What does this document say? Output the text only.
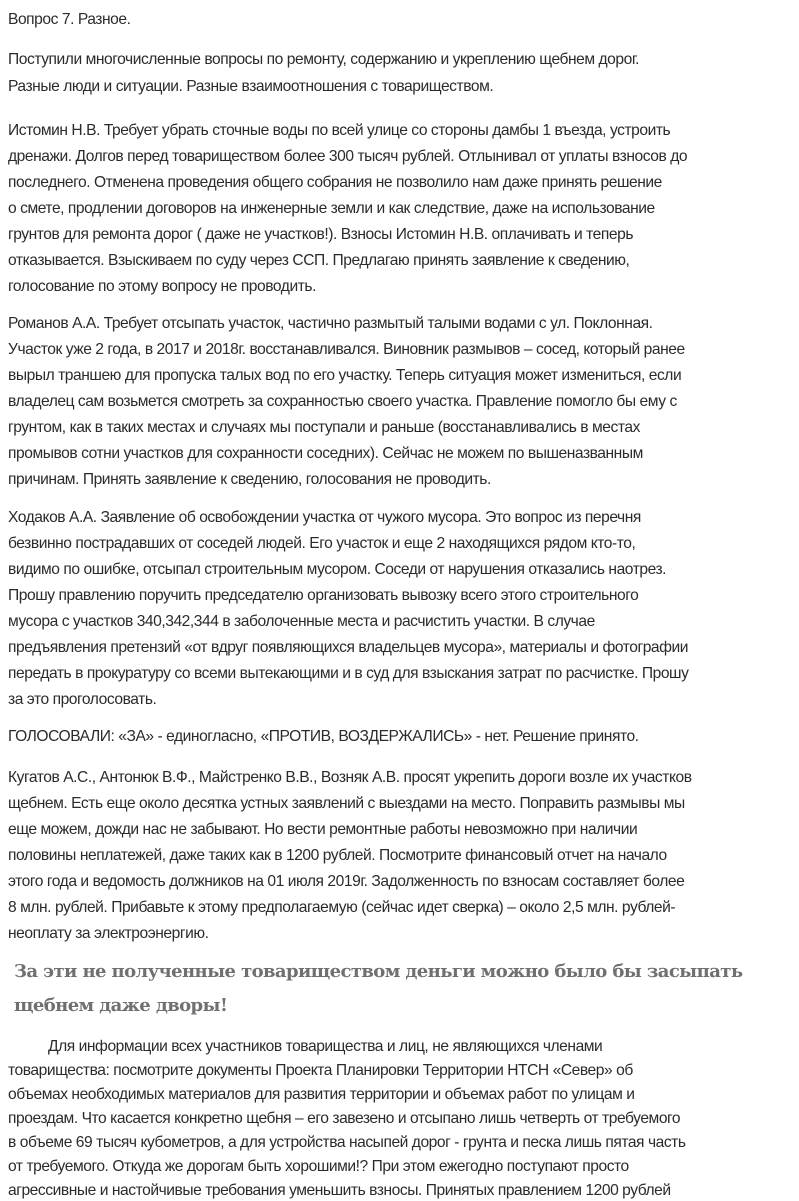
Вопрос 7. Разное.
Поступили многочисленные вопросы по ремонту, содержанию и укреплению щебнем дорог.
Разные люди и ситуации. Разные взаимоотношения с товариществом.
Истомин Н.В. Требует убрать сточные воды по всей улице со стороны дамбы 1 въезда, устроить
дренажи. Долгов перед товариществом более 300 тысяч рублей. Отлынивал от уплаты взносов до
последнего. Отменена проведения общего собрания не позволило нам даже принять решение
о смете, продлении договоров на инженерные земли и как следствие, даже на использование
грунтов для ремонта дорог ( даже не участков!). Взносы Истомин Н.В. оплачивать и теперь
отказывается. Взыскиваем по суду через ССП. Предлагаю принять заявление к сведению,
голосование по этому вопросу не проводить.
Романов А.А. Требует отсыпать участок, частично размытый талыми водами с ул. Поклонная.
Участок уже 2 года, в 2017 и 2018г. восстанавливался. Виновник размывов – сосед, который ранее
вырыл траншею для пропуска талых вод по его участку. Теперь ситуация может измениться, если
владелец сам возьмется смотреть за сохранностью своего участка. Правление помогло бы ему с
грунтом, как в таких местах и случаях мы поступали и раньше (восстанавливались в местах
промывов сотни участков для сохранности соседних). Сейчас не можем по вышеназванным
причинам. Принять заявление к сведению, голосования не проводить.
Ходаков А.А. Заявление об освобождении участка от чужого мусора. Это вопрос из перечня
безвинно пострадавших от соседей людей. Его участок и еще 2 находящихся рядом кто-то,
видимо по ошибке, отсыпал строительным мусором. Соседи от нарушения отказались наотрез.
Прошу правлению поручить председателю организовать вывозку всего этого строительного
мусора с участков 340,342,344 в заболоченные места и расчистить участки. В случае
предъявления претензий «от вдруг появляющихся владельцев мусора», материалы и фотографии
передать в прокуратуру со всеми вытекающими и в суд для взыскания затрат по расчистке. Прошу
за это проголосовать.
ГОЛОСОВАЛИ: «ЗА» - единогласно, «ПРОТИВ, ВОЗДЕРЖАЛИСЬ» - нет. Решение принято.
Кугатов А.С., Антонюк В.Ф., Майстренко В.В., Возняк А.В. просят укрепить дороги возле их участков
щебнем. Есть еще около десятка устных заявлений с выездами на место. Поправить размывы мы
еще можем, дожди нас не забывают. Но вести ремонтные работы невозможно при наличии
половины неплатежей, даже таких как в 1200 рублей. Посмотрите финансовый отчет на начало
этого года и ведомость должников на 01 июля 2019г. Задолженность по взносам составляет более
8 млн. рублей. Прибавьте к этому предполагаемую (сейчас идет сверка) – около 2,5 млн. рублей-
неоплату за электроэнергию.
За эти не полученные товариществом деньги можно было бы засыпать
щебнем даже дворы!
Для информации всех участников товарищества и лиц, не являющихся членами
товарищества: посмотрите документы Проекта Планировки Территории НТСН «Север» об
объемах необходимых материалов для развития территории и объемах работ по улицам и
проездам. Что касается конкретно щебня – его завезено и отсыпано лишь четверть от требуемого
в объеме 69 тысяч кубометров, а для устройства насыпей дорог - грунта и песка лишь пятая часть
от требуемого. Откуда же дорогам быть хорошими!? При этом ежегодно поступают просто
агрессивные и настойчивые требования уменьшить взносы. Принятых правлением 1200 рублей
